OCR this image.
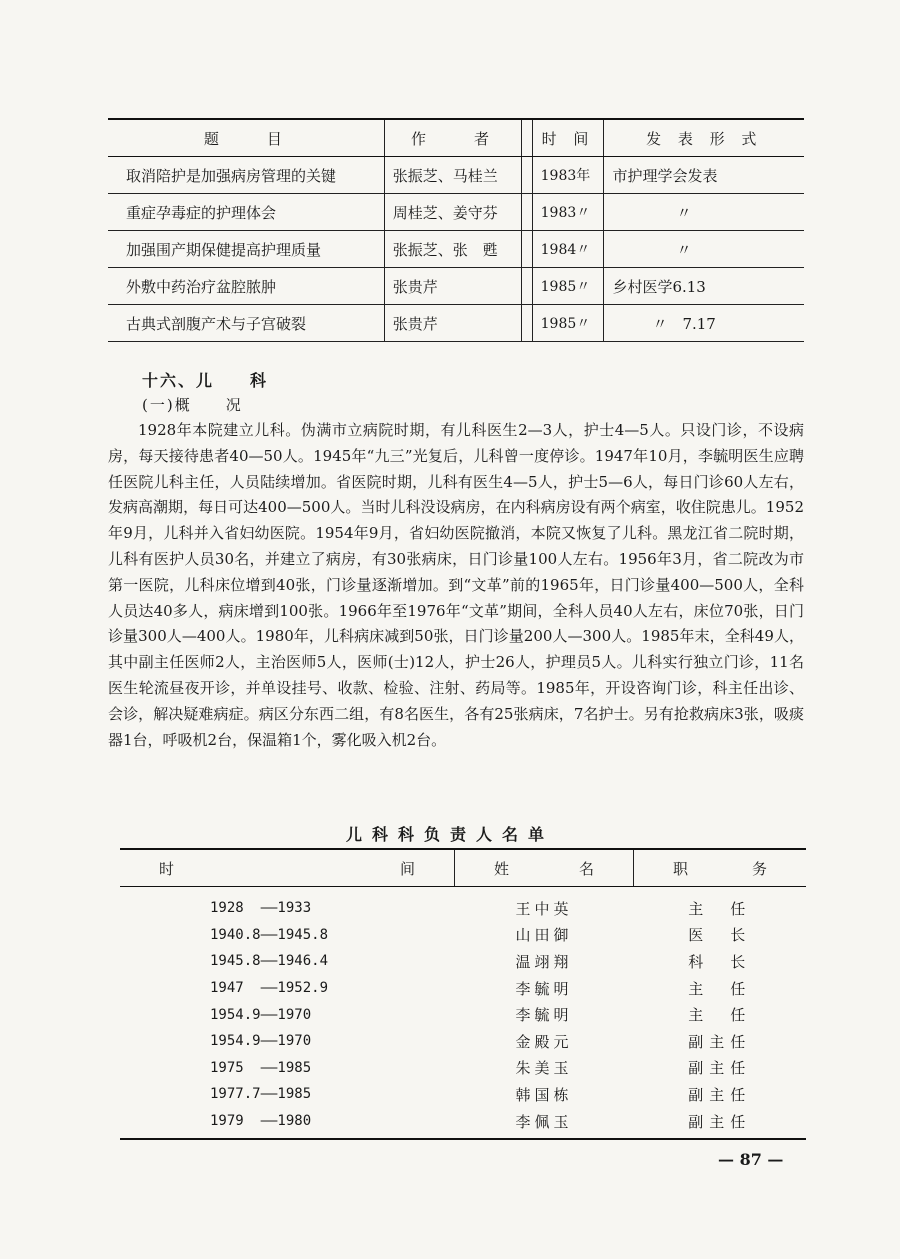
题　　目	作　　者		时 间	发 表 形 式
取消陪护是加强病房管理的关键	张振芝、马桂兰		1983年	市护理学会发表
重症孕毒症的护理体会	周桂芝、姜守芬		1983〃	〃
加强围产期保健提高护理质量	张振芝、张　甦		1984〃	〃
外敷中药治疗盆腔脓肿	张贵芹		1985〃	乡村医学6.13
古典式剖腹产术与子宫破裂	张贵芹		1985〃	〃　7.17
十六、儿　　科
(一)概　　况

1928年本院建立儿科。伪满市立病院时期，有儿科医生2—3人，护士4—5人。只设门诊，不设病房，每天接待患者40—50人。1945年“九三”光复后，儿科曾一度停诊。1947年10月，李毓明医生应聘任医院儿科主任，人员陆续增加。省医院时期，儿科有医生4—5人，护士5—6人，每日门诊60人左右，发病高潮期，每日可达400—500人。当时儿科没设病房，在内科病房设有两个病室，收住院患儿。1952年9月，儿科并入省妇幼医院。1954年9月，省妇幼医院撤消，本院又恢复了儿科。黑龙江省二院时期，儿科有医护人员30名，并建立了病房，有30张病床，日门诊量100人左右。1956年3月，省二院改为市第一医院，儿科床位增到40张，门诊量逐渐增加。到“文革”前的1965年，日门诊量400—500人，全科人员达40多人，病床增到100张。1966年至1976年“文革”期间，全科人员40人左右，床位70张，日门诊量300人—400人。1980年，儿科病床减到50张，日门诊量200人—300人。1985年末，全科49人，其中副主任医师2人，主治医师5人，医师(士)12人，护士26人，护理员5人。儿科实行独立门诊，11名医生轮流昼夜开诊，并单设挂号、收款、检验、注射、药局等。1985年，开设咨询门诊，科主任出诊、会诊，解决疑难病症。病区分东西二组，有8名医生，各有25张病床，7名护士。另有抢救病床3张，吸痰器1台，呼吸机2台，保温箱1个，雾化吸入机2台。

儿科科负责人名单
时 间	姓 名	职 务

1928  ——1933	王中英	主　任
1940.8——1945.8	山田御	医　长
1945.8——1946.4	温翊翔	科　长
1947  ——1952.9	李毓明	主　任
1954.9——1970	李毓明	主　任
1954.9——1970	金殿元	副主任
1975  ——1985	朱美玉	副主任
1977.7——1985	韩国栋	副主任
1979  ——1980	李佩玉	副主任
— 87 —
